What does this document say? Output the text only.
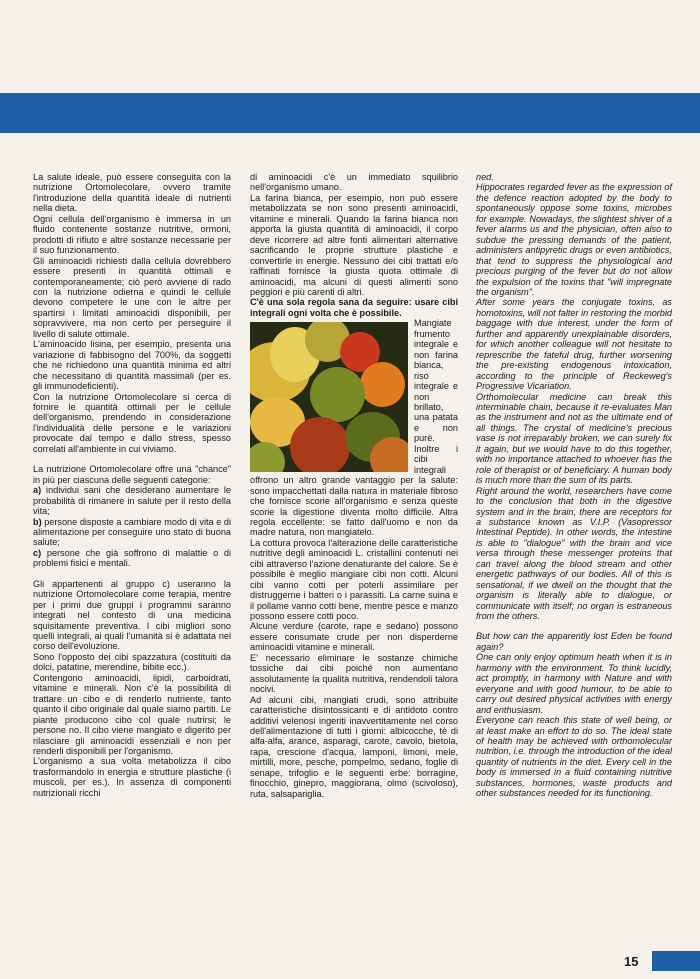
La salute ideale, può essere conseguita con la nutrizione Ortomolecolare, ovvero tramite l'introduzione della quantità ideale di nutrienti nella dieta.

Ogni cellula dell'organismo è immersa in un fluido contenente sostanze nutritive, ormoni, prodotti di rifiuto e altre sostanze necessarie per il suo funzionamento.

Gli aminoacidi richiesti dalla cellula dovrebbero essere presenti in quantità ottimali e contemporaneamente; ciò però avviene di rado con la nutrizione odierna e quindi le cellule devono competere le une con le altre per spartirsi i limitati aminoacidi disponibili, per sopravvivere, ma non certo per perseguire il livello di salute ottimale.

L'aminoacido lisina, per esempio, presenta una variazione di fabbisogno del 700%, da soggetti che ne richiedono una quantità minima ed altri che necessitano di quantità massimali (per es. gli immunodeficienti).

Con la nutrizione Ortomolecolare si cerca di fornire le quantità ottimali per le cellule dell'organismo, prendendo in considerazione l'individualità delle persone e le variazioni provocate dal tempo e dallo stress, spesso correlati all'ambiente in cui viviamo.

La nutrizione Ortomolecolare offre una "chance" in più per ciascuna delle seguenti categorie:

a) individui sani che desiderano aumentare le probabilità di rimanere in salute per il resto della vita;

b) persone disposte a cambiare modo di vita e di alimentazione per conseguire uno stato di buona salute;

c) persone che già soffrono di malattie o di problemi fisici e mentali.

Gli appartenenti al gruppo c) useranno la nutrizione Ortomolecolare come terapia, mentre per i primi due gruppi i programmi saranno integrati nel contesto di una medicina squisitamente preventiva. I cibi migliori sono quelli integrali, ai quali l'umanità si è adattata nel corso dell'evoluzione.

Sono l'opposto dei cibi spazzatura (costituiti da dolci, patatine, merendine, bibite ecc.).

Contengono aminoacidi, lipidi, carboidrati, vitamine e minerali. Non c'è la possibilità di trattare un cibo e di renderlo nutriente, tanto quanto il cibo originale dal quale siamo partiti. Le piante producono cibo col quale nutrirsi; le persone no. Il cibo viene mangiato e digerito per rilasciare gli aminoacidi essenziali e non per renderli disponibili per l'organismo.

L'organismo a sua volta metabolizza il cibo trasformandolo in energia e strutture plastiche (i muscoli, per es.). In assenza di componenti nutrizionali ricchi

di aminoacidi c'è un immediato squilibrio nell'organismo umano.

La farina bianca, per esempio, non può essere metabolizzata se non sono presenti aminoacidi, vitamine e minerali. Quando la farina bianca non apporta la giusta quantità di aminoacidi, il corpo deve ricorrere ad altre fonti alimentari alternative sacrificando le proprie strutture plastiche e convertirle in energie. Nessuno dei cibi trattati e/o raffinati fornisce la giusta quota ottimale di aminoacidi, ma alcuni di questi alimenti sono peggiori e più carenti di altri.

C'è una sola regola sana da seguire: usare cibi integrali ogni volta che è possibile.

Mangiate frumento integrale e non farina bianca, riso integrale e non brillato, una patata e non purè. Inoltre i cibi integrali offrono un altro grande vantaggio per la salute: sono impacchettati dalla natura in materiale fibroso che fornisce scorie all'organismo e senza queste scorie la digestione diventa molto difficile. Altra regola eccellente: se fatto dall'uomo e non da madre natura, non mangiatelo.

La cottura provoca l'alterazione delle caratteristiche nutritive degli aminoacidi L. cristallini contenuti nei cibi attraverso l'azione denaturante del calore. Se è possibile è meglio mangiare cibi non cotti. Alcuni cibi vanno cotti per poterli assimilare per distruggerne i batteri o i parassiti. La carne suina e il pollame vanno cotti bene, mentre pesce e manzo possono essere cotti poco.

Alcune verdure (carote, rape e sedano) possono essere consumate crude per non disperderne aminoacidi vitamine e minerali.

E' necessario eliminare le sostanze chimiche tossiche dai cibi poiché non aumentano assolutamente la qualità nutritiva, rendendoli talora nocivi.

Ad alcuni cibi, mangiati crudi, sono attribuite caratteristiche disintossicanti e di antidoto contro additivi velenosi ingeriti inavvertitamente nel corso dell'alimentazione di tutti i giorni: albicocche, tè di alfa-alfa, arance, asparagi, carote, cavolo, bietola, rapa, crescione d'acqua, lamponi, limoni, mele, mirtilli, more, pesche, pompelmo, sedano, foglie di senape, trifoglio e le seguenti erbe: borragine, finocchio, ginepro, maggiorana, olmo (scivoloso), ruta, salsapariglia.

ned.

Hippocrates regarded fever as the expression of the defence reaction adopted by the body to spontaneously oppose some toxins, microbes for example. Nowadays, the slightest shiver of a fever alarms us and the physician, often also to subdue the pressing demands of the patient, administers antipyretic drugs or even antibiotics, that tend to suppress the physiological and precious purging of the fever but do not allow the expulsion of the toxins that "will impregnate the organism".

After some years the conjugate toxins, as homotoxins, will not falter in restoring the morbid baggage with due interest, under the form of further and apparently unexplainable disorders, for which another colleague will not hesitate to represcribe the fateful drug, further worsening the pre-existing endogenous intoxication, according to the principle of Reckeweg's Progressive Vicariation.

Orthomolecular medicine can break this interminable chain, because it re-evaluates Man as the instrument and not as the ultimate end of all things. The crystal of medicine's precious vase is not irreparably broken, we can surely fix it again, but we would have to do this together, with no importance attached to whoever has the role of therapist or of beneficiary. A human body is much more than the sum of its parts.

Right around the world, researchers have come to the conclusion that both in the digestive system and in the brain, there are receptors for a substance known as V.I.P. (Vasopressor Intestinal Peptide). In other words, the intestine is able to "dialogue" with the brain and vice versa through these messenger proteins that can travel along the blood stream and other energetic pathways of our bodies. All of this is sensational, if we dwell on the thought that the organism is literally able to dialogue, or communicate with itself; no organ is estraneous from the others.

But how can the apparently lost Eden be found again?

One can only enjoy optimum heath when it is in harmony with the environment. To think lucidly, act promptly, in harmony with Nature and with everyone and with good humour, to be able to carry out desired physical activities with energy and enthusiasm.

Everyone can reach this state of well being, or at least make an effort to do so. The ideal state of health may be achieved with orthomolecular nutrition, i.e. through the introduction of the ideal quantity of nutrients in the diet. Every cell in the body is immersed in a fluid containing nutritive substances, hormones, waste products and other substances needed for its functioning.

15
